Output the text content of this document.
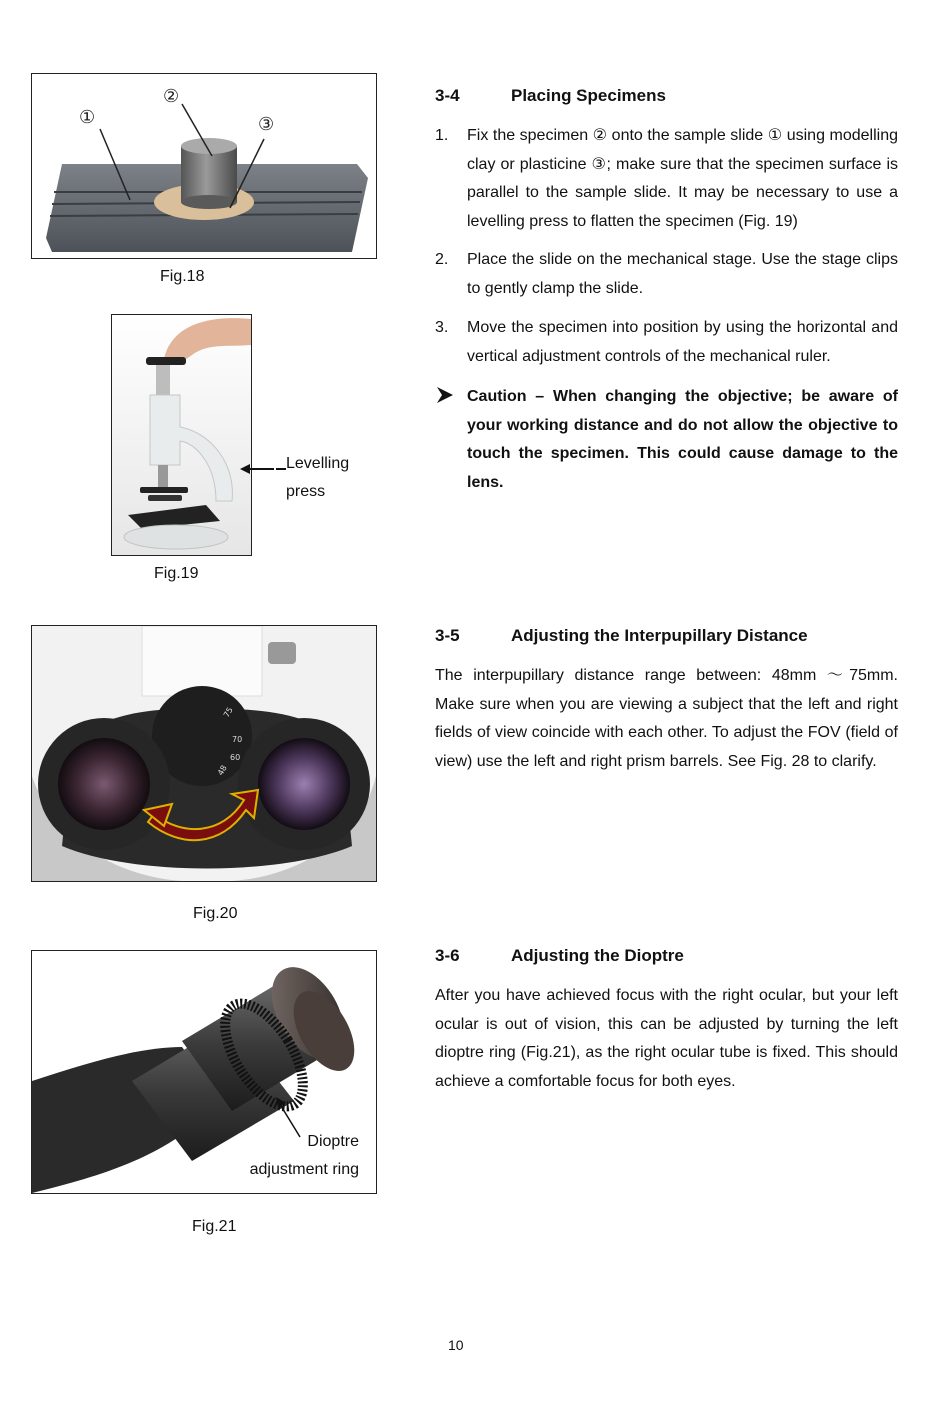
①
②
③
Fig.18
Levelling
press
Fig.19
3-4	Placing Specimens
1. Fix the specimen ② onto the sample slide ① using modelling clay or plasticine ③; make sure that the specimen surface is parallel to the sample slide. It may be necessary to use a levelling press to flatten the specimen (Fig. 19)
2. Place the slide on the mechanical stage. Use the stage clips to gently clamp the slide.
3. Move the specimen into position by using the horizontal and vertical adjustment controls of the mechanical ruler.
Caution – When changing the objective; be aware of your working distance and do not allow the objective to touch the specimen. This could cause damage to the lens.
75
70
60
48
Fig.20
3-5	Adjusting the Interpupillary Distance
The interpupillary distance range between: 48mm ～75mm. Make sure when you are viewing a subject that the left and right fields of view coincide with each other. To adjust the FOV (field of view) use the left and right prism barrels. See Fig. 28 to clarify.
Dioptre
adjustment ring
Fig.21
3-6	Adjusting the Dioptre
After you have achieved focus with the right ocular, but your left ocular is out of vision, this can be adjusted by turning the left dioptre ring (Fig.21), as the right ocular tube is fixed. This should achieve a comfortable focus for both eyes.
10
